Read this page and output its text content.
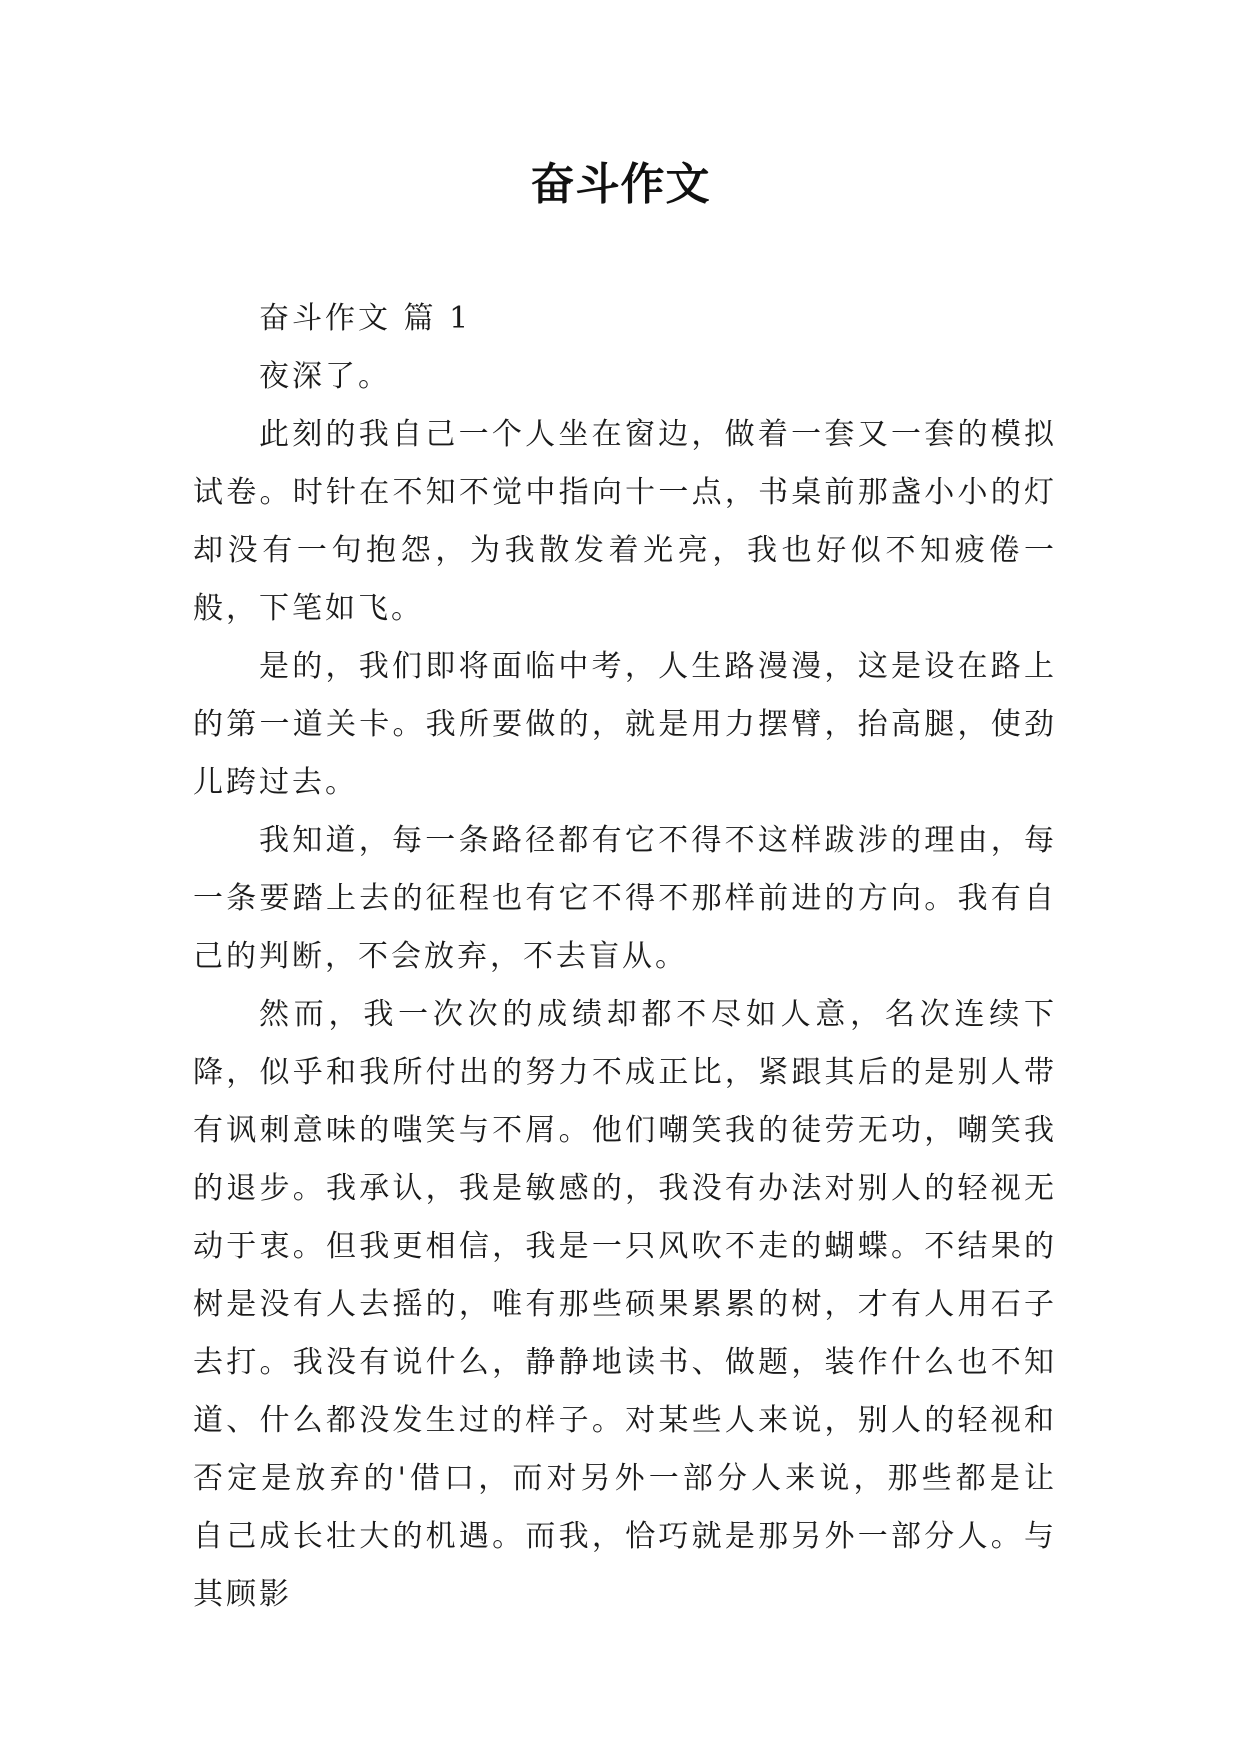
奋斗作文

奋斗作文 篇 1

夜深了。

此刻的我自己一个人坐在窗边，做着一套又一套的模拟试卷。时针在不知不觉中指向十一点，书桌前那盏小小的灯却没有一句抱怨，为我散发着光亮，我也好似不知疲倦一般，下笔如飞。

是的，我们即将面临中考，人生路漫漫，这是设在路上的第一道关卡。我所要做的，就是用力摆臂，抬高腿，使劲儿跨过去。

我知道，每一条路径都有它不得不这样跋涉的理由，每一条要踏上去的征程也有它不得不那样前进的方向。我有自己的判断，不会放弃，不去盲从。

然而，我一次次的成绩却都不尽如人意，名次连续下降，似乎和我所付出的努力不成正比，紧跟其后的是别人带有讽刺意味的嗤笑与不屑。他们嘲笑我的徒劳无功，嘲笑我的退步。我承认，我是敏感的，我没有办法对别人的轻视无动于衷。但我更相信，我是一只风吹不走的蝴蝶。不结果的树是没有人去摇的，唯有那些硕果累累的树，才有人用石子去打。我没有说什么，静静地读书、做题，装作什么也不知道、什么都没发生过的样子。对某些人来说，别人的轻视和否定是放弃的'借口，而对另外一部分人来说，那些都是让自己成长壮大的机遇。而我，恰巧就是那另外一部分人。与其顾影
